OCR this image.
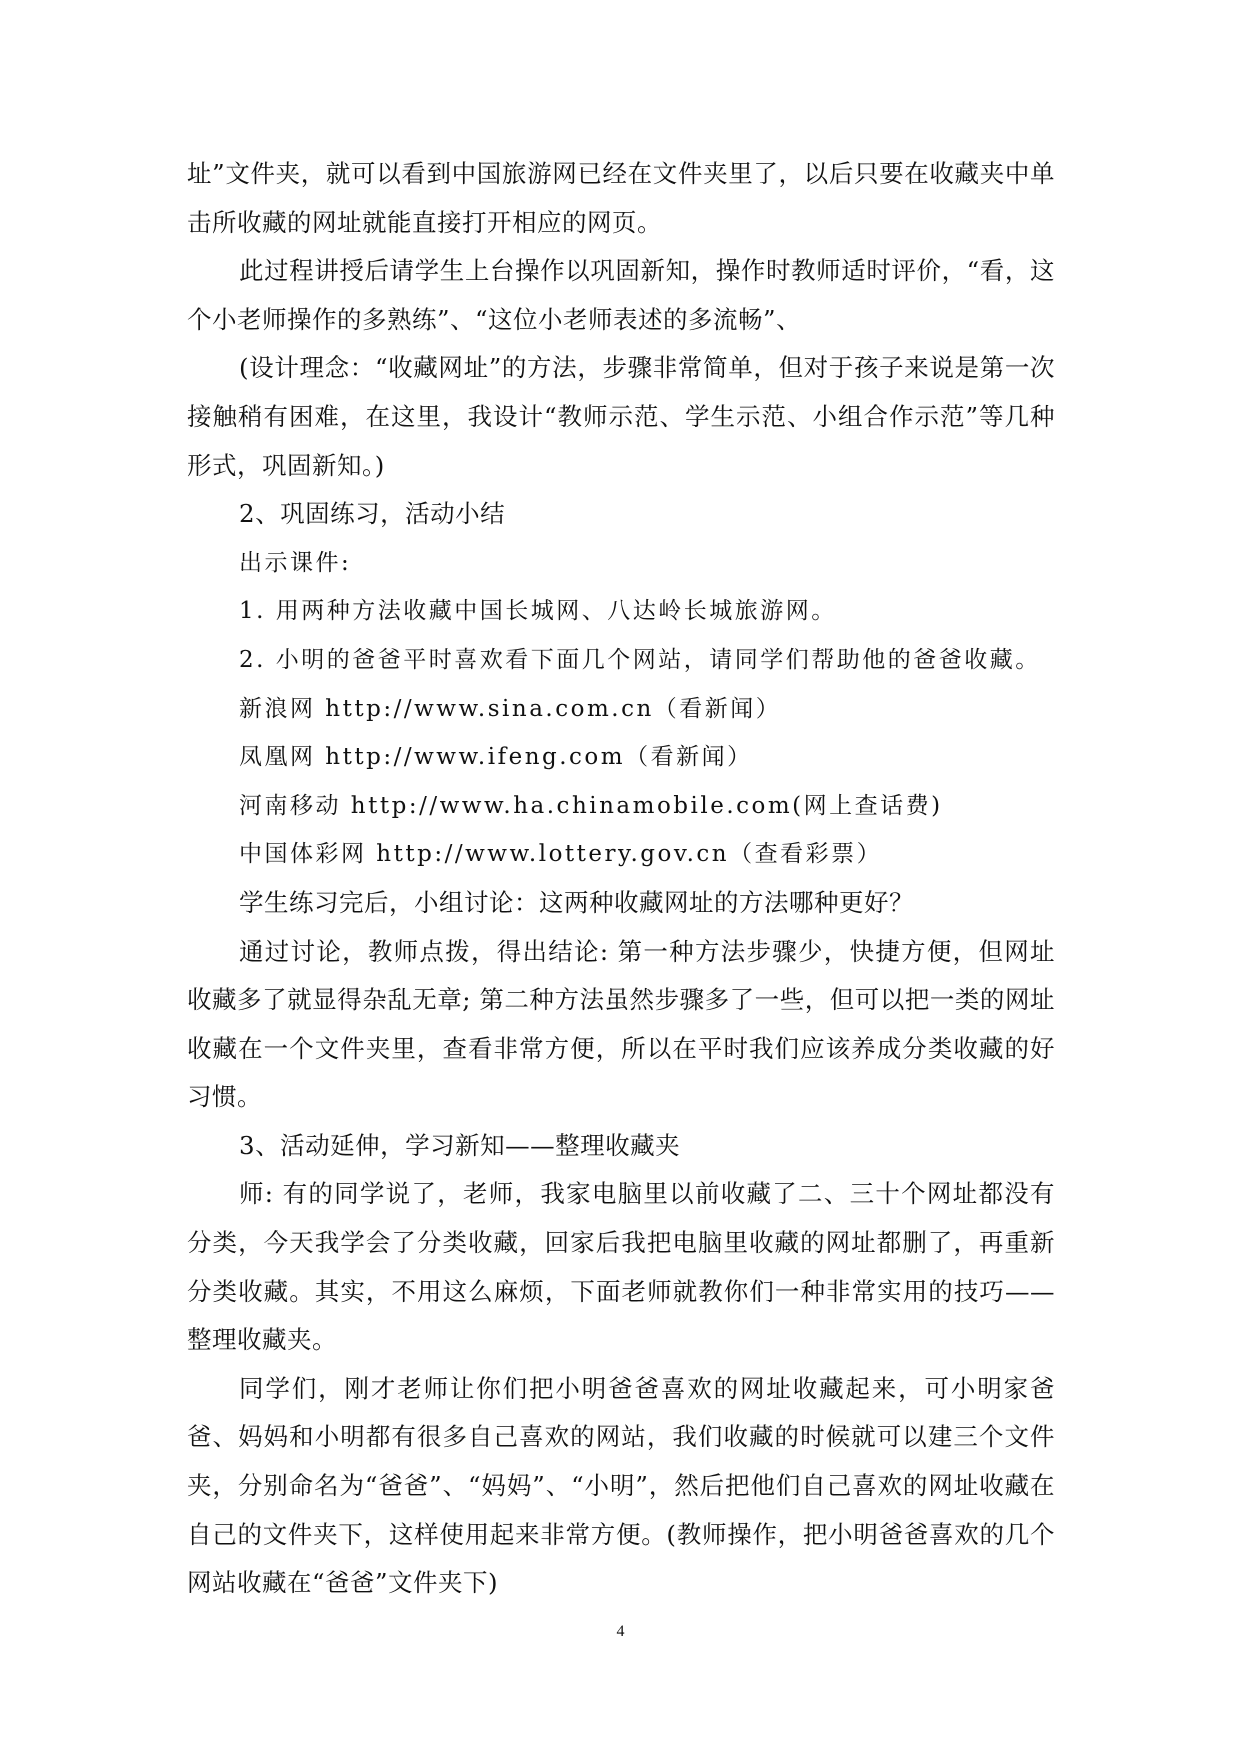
址”文件夹，就可以看到中国旅游网已经在文件夹里了，以后只要在收藏夹中单击所收藏的网址就能直接打开相应的网页。

此过程讲授后请学生上台操作以巩固新知，操作时教师适时评价，“看，这个小老师操作的多熟练”、“这位小老师表述的多流畅”、

(设计理念：“收藏网址”的方法，步骤非常简单，但对于孩子来说是第一次接触稍有困难，在这里，我设计“教师示范、学生示范、小组合作示范”等几种形式，巩固新知。)

2、巩固练习，活动小结

出示课件:

1. 用两种方法收藏中国长城网、八达岭长城旅游网。

2. 小明的爸爸平时喜欢看下面几个网站，请同学们帮助他的爸爸收藏。

新浪网 http://www.sina.com.cn（看新闻）

凤凰网 http://www.ifeng.com（看新闻）

河南移动 http://www.ha.chinamobile.com(网上查话费)

中国体彩网 http://www.lottery.gov.cn（查看彩票）

学生练习完后，小组讨论：这两种收藏网址的方法哪种更好？

通过讨论，教师点拨，得出结论: 第一种方法步骤少，快捷方便，但网址收藏多了就显得杂乱无章; 第二种方法虽然步骤多了一些，但可以把一类的网址收藏在一个文件夹里，查看非常方便，所以在平时我们应该养成分类收藏的好习惯。

3、活动延伸，学习新知——整理收藏夹

师: 有的同学说了，老师，我家电脑里以前收藏了二、三十个网址都没有分类，今天我学会了分类收藏，回家后我把电脑里收藏的网址都删了，再重新分类收藏。其实，不用这么麻烦，下面老师就教你们一种非常实用的技巧——整理收藏夹。

同学们，刚才老师让你们把小明爸爸喜欢的网址收藏起来，可小明家爸爸、妈妈和小明都有很多自己喜欢的网站，我们收藏的时候就可以建三个文件夹，分别命名为“爸爸”、“妈妈”、“小明”，然后把他们自己喜欢的网址收藏在自己的文件夹下，这样使用起来非常方便。(教师操作，把小明爸爸喜欢的几个网站收藏在“爸爸”文件夹下)

4
